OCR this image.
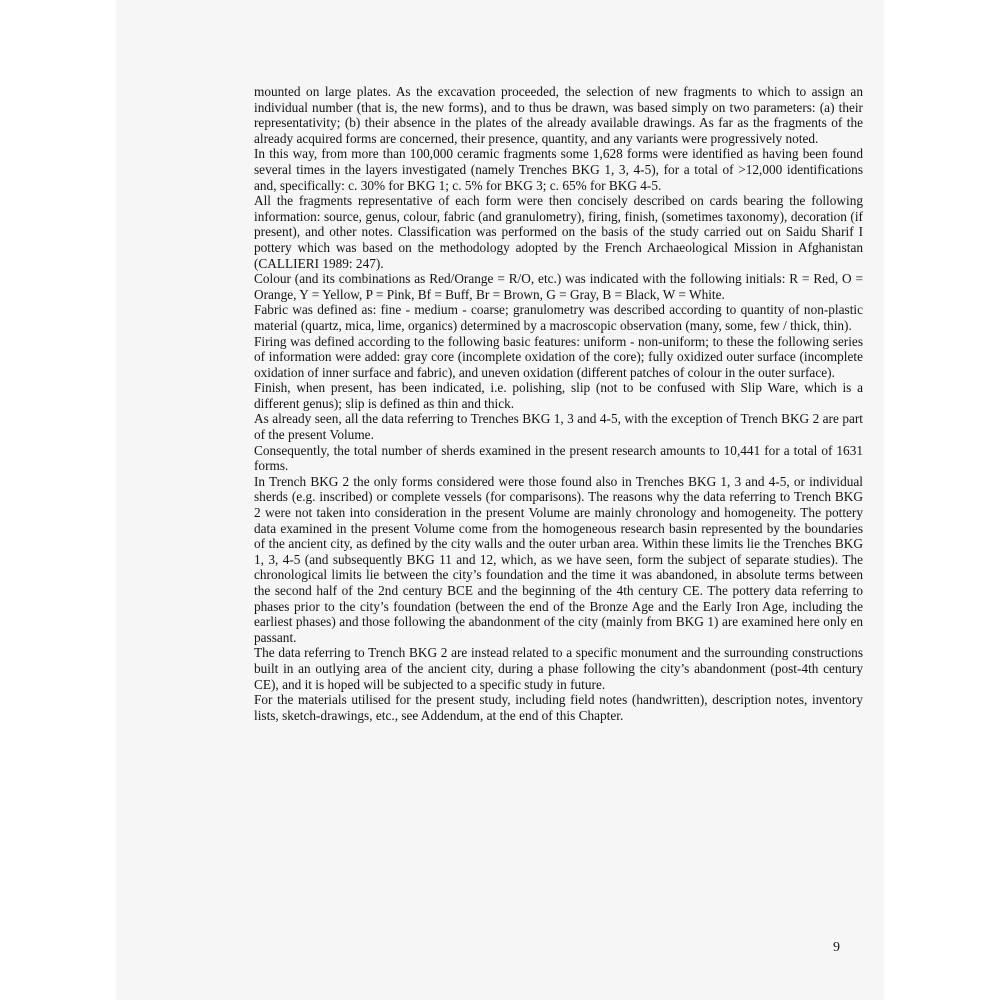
mounted on large plates. As the excavation proceeded, the selection of new fragments to which to assign an individual number (that is, the new forms), and to thus be drawn, was based simply on two parameters: (a) their representativity; (b) their absence in the plates of the already available drawings. As far as the fragments of the already acquired forms are concerned, their presence, quantity, and any variants were progressively noted.

In this way, from more than 100,000 ceramic fragments some 1,628 forms were identified as having been found several times in the layers investigated (namely Trenches BKG 1, 3, 4-5), for a total of >12,000 identifications and, specifically: c. 30% for BKG 1; c. 5% for BKG 3; c. 65% for BKG 4-5.

All the fragments representative of each form were then concisely described on cards bearing the following information: source, genus, colour, fabric (and granulometry), firing, finish, (sometimes taxonomy), decoration (if present), and other notes. Classification was performed on the basis of the study carried out on Saidu Sharif I pottery which was based on the methodology adopted by the French Archaeological Mission in Afghanistan (CALLIERI 1989: 247).

Colour (and its combinations as Red/Orange = R/O, etc.) was indicated with the following initials: R = Red, O = Orange, Y = Yellow, P = Pink, Bf = Buff, Br = Brown, G = Gray, B = Black, W = White.

Fabric was defined as: fine - medium - coarse; granulometry was described according to quantity of non-plastic material (quartz, mica, lime, organics) determined by a macroscopic observation (many, some, few / thick, thin).

Firing was defined according to the following basic features: uniform - non-uniform; to these the following series of information were added: gray core (incomplete oxidation of the core); fully oxidized outer surface (incomplete oxidation of inner surface and fabric), and uneven oxidation (different patches of colour in the outer surface).

Finish, when present, has been indicated, i.e. polishing, slip (not to be confused with Slip Ware, which is a different genus); slip is defined as thin and thick.

As already seen, all the data referring to Trenches BKG 1, 3 and 4-5, with the exception of Trench BKG 2 are part of the present Volume.

Consequently, the total number of sherds examined in the present research amounts to 10,441 for a total of 1631 forms.

In Trench BKG 2 the only forms considered were those found also in Trenches BKG 1, 3 and 4-5, or individual sherds (e.g. inscribed) or complete vessels (for comparisons). The reasons why the data referring to Trench BKG 2 were not taken into consideration in the present Volume are mainly chronology and homogeneity. The pottery data examined in the present Volume come from the homogeneous research basin represented by the boundaries of the ancient city, as defined by the city walls and the outer urban area. Within these limits lie the Trenches BKG 1, 3, 4-5 (and subsequently BKG 11 and 12, which, as we have seen, form the subject of separate studies). The chronological limits lie between the city’s foundation and the time it was abandoned, in absolute terms between the second half of the 2nd century BCE and the beginning of the 4th century CE. The pottery data referring to phases prior to the city’s foundation (between the end of the Bronze Age and the Early Iron Age, including the earliest phases) and those following the abandonment of the city (mainly from BKG 1) are examined here only en passant.

The data referring to Trench BKG 2 are instead related to a specific monument and the surrounding constructions built in an outlying area of the ancient city, during a phase following the city’s abandonment (post-4th century CE), and it is hoped will be subjected to a specific study in future.

For the materials utilised for the present study, including field notes (handwritten), description notes, inventory lists, sketch-drawings, etc., see Addendum, at the end of this Chapter.

9
